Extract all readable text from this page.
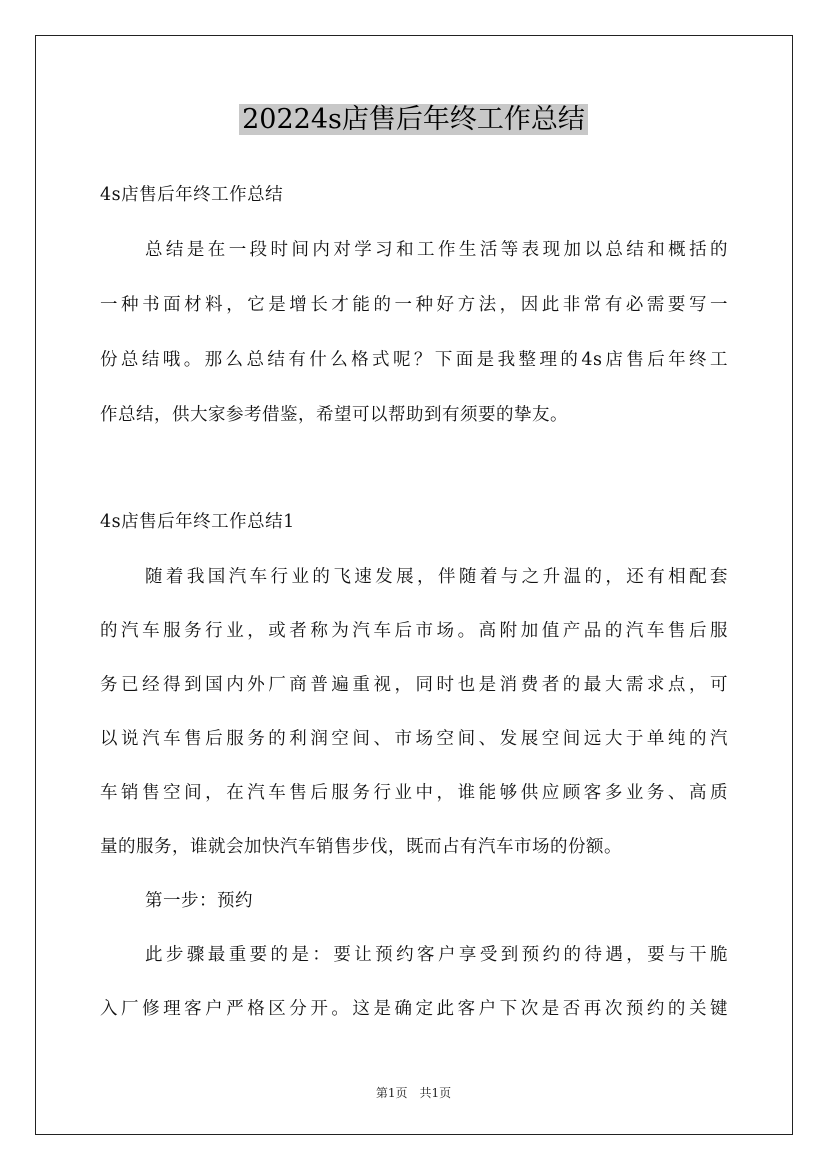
20224s店售后年终工作总结
4s店售后年终工作总结
总结是在一段时间内对学习和工作生活等表现加以总结和概括的
一种书面材料，它是增长才能的一种好方法，因此非常有必需要写一
份总结哦。那么总结有什么格式呢？下面是我整理的4s店售后年终工
作总结，供大家参考借鉴，希望可以帮助到有须要的挚友。
4s店售后年终工作总结1
随着我国汽车行业的飞速发展，伴随着与之升温的，还有相配套
的汽车服务行业，或者称为汽车后市场。高附加值产品的汽车售后服
务已经得到国内外厂商普遍重视，同时也是消费者的最大需求点，可
以说汽车售后服务的利润空间、市场空间、发展空间远大于单纯的汽
车销售空间，在汽车售后服务行业中，谁能够供应顾客多业务、高质
量的服务，谁就会加快汽车销售步伐，既而占有汽车市场的份额。
第一步：预约
此步骤最重要的是：要让预约客户享受到预约的待遇，要与干脆
入厂修理客户严格区分开。这是确定此客户下次是否再次预约的关键
第1页　共1页
